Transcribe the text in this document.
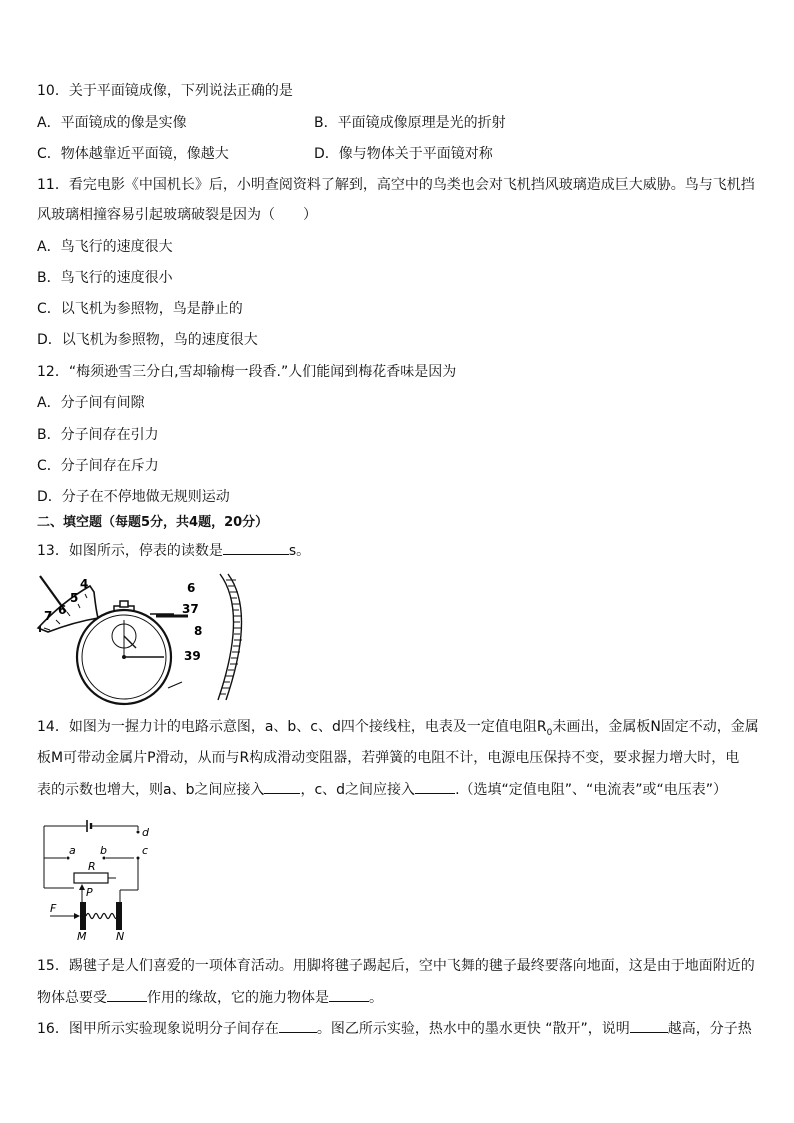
10．关于平面镜成像，下列说法正确的是
A．平面镜成的像是实像	B．平面镜成像原理是光的折射
C．物体越靠近平面镜，像越大	D．像与物体关于平面镜对称
11．看完电影《中国机长》后，小明查阅资料了解到，高空中的鸟类也会对飞机挡风玻璃造成巨大威胁。鸟与飞机挡
风玻璃相撞容易引起玻璃破裂是因为（　　）
A．鸟飞行的速度很大
B．鸟飞行的速度很小
C．以飞机为参照物，鸟是静止的
D．以飞机为参照物，鸟的速度很大
12．“梅须逊雪三分白,雪却输梅一段香.”人们能闻到梅花香味是因为
A．分子间有间隙
B．分子间存在引力
C．分子间存在斥力
D．分子在不停地做无规则运动
二、填空题（每题5分，共4题，20分）
13．如图所示，停表的读数是	s。
4
5
6
7
6
37
8
39
14．如图为一握力计的电路示意图，a、b、c、d四个接线柱，电表及一定值电阻$R_0$未画出，金属板N固定不动，金属
板M可带动金属片P滑动，从而与R构成滑动变阻器，若弹簧的电阻不计，电源电压保持不变，要求握力增大时，电
表的示数也增大，则a、b之间应接入	，c、d之间应接入	.（选填“定值电阻”、“电流表”或“电压表”）
d
a b	c
R
P
F
M	N
15．踢毽子是人们喜爱的一项体育活动。用脚将毽子踢起后，空中飞舞的毽子最终要落向地面，这是由于地面附近的
物体总要受	作用的缘故，它的施力物体是	。
16．图甲所示实验现象说明分子间存在	。图乙所示实验，热水中的墨水更快 “散开”，说明	越高，分子热
